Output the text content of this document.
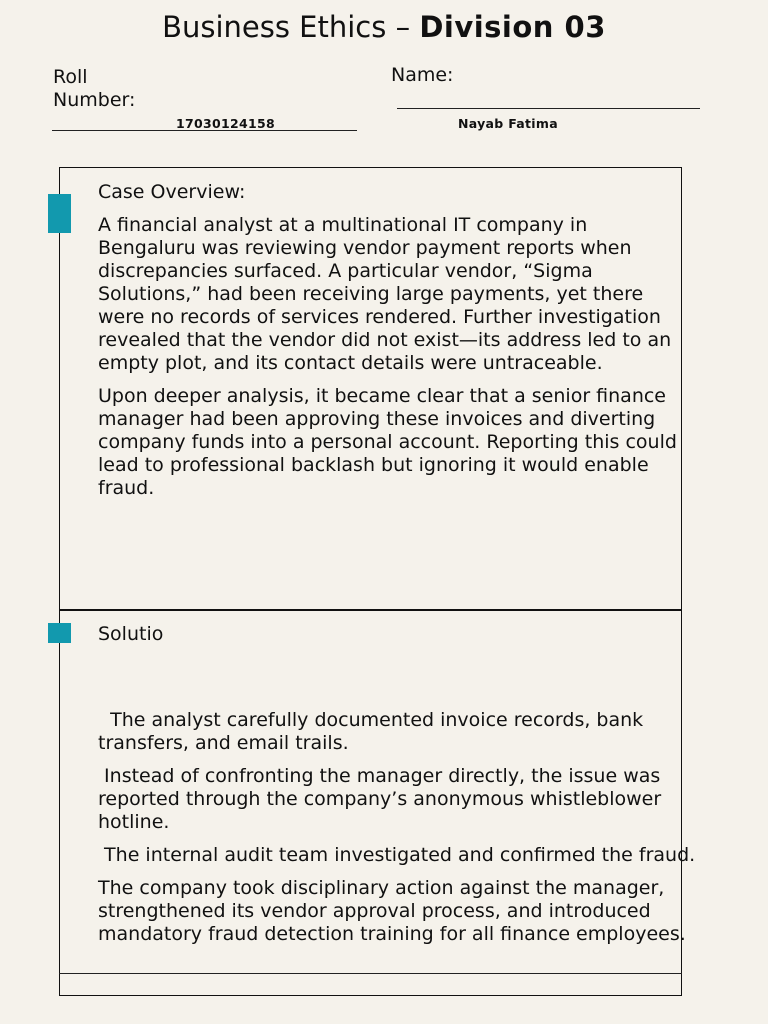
Business Ethics – Division 03
Roll
Number:
17030124158
Name:
Nayab Fatima
Case Overview:

A financial analyst at a multinational IT company in Bengaluru was reviewing vendor payment reports when discrepancies surfaced. A particular vendor, “Sigma Solutions,” had been receiving large payments, yet there were no records of services rendered. Further investigation revealed that the vendor did not exist—its address led to an empty plot, and its contact details were untraceable.

Upon deeper analysis, it became clear that a senior finance manager had been approving these invoices and diverting company funds into a personal account. Reporting this could lead to professional backlash but ignoring it would enable fraud.

Solutio

The analyst carefully documented invoice records, bank transfers, and email trails.

Instead of confronting the manager directly, the issue was reported through the company’s anonymous whistleblower hotline.

The internal audit team investigated and confirmed the fraud.

The company took disciplinary action against the manager, strengthened its vendor approval process, and introduced mandatory fraud detection training for all finance employees.
